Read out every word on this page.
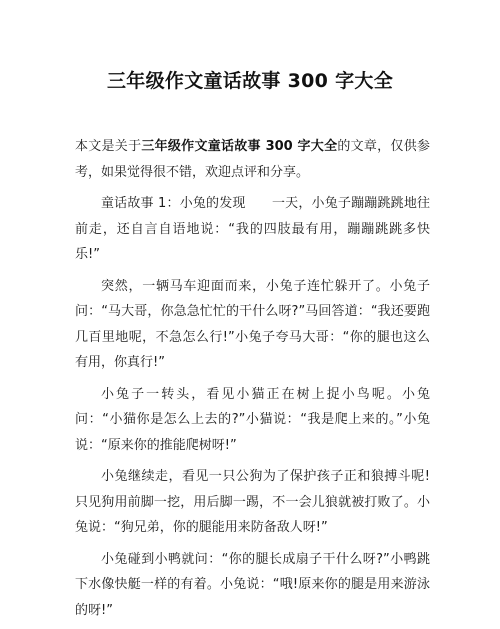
三年级作文童话故事 300 字大全

本文是关于三年级作文童话故事 300 字大全的文章，仅供参考，如果觉得很不错，欢迎点评和分享。

童话故事 1：小兔的发现　　一天，小兔子蹦蹦跳跳地往前走，还自言自语地说：“我的四肢最有用，蹦蹦跳跳多快乐!”

突然，一辆马车迎面而来，小兔子连忙躲开了。小兔子问：“马大哥，你急急忙忙的干什么呀?”马回答道：“我还要跑几百里地呢，不急怎么行!”小兔子夸马大哥：“你的腿也这么有用，你真行!”

小兔子一转头，看见小猫正在树上捉小鸟呢。小兔问：“小猫你是怎么上去的?”小猫说：“我是爬上来的。”小兔说：“原来你的推能爬树呀!”

小兔继续走，看见一只公狗为了保护孩子正和狼搏斗呢!只见狗用前脚一挖，用后脚一踢，不一会儿狼就被打败了。小兔说：“狗兄弟，你的腿能用来防备敌人呀!”

小兔碰到小鸭就问：“你的腿长成扇子干什么呀?”小鸭跳下水像快艇一样的有着。小兔说：“哦!原来你的腿是用来游泳的呀!”
